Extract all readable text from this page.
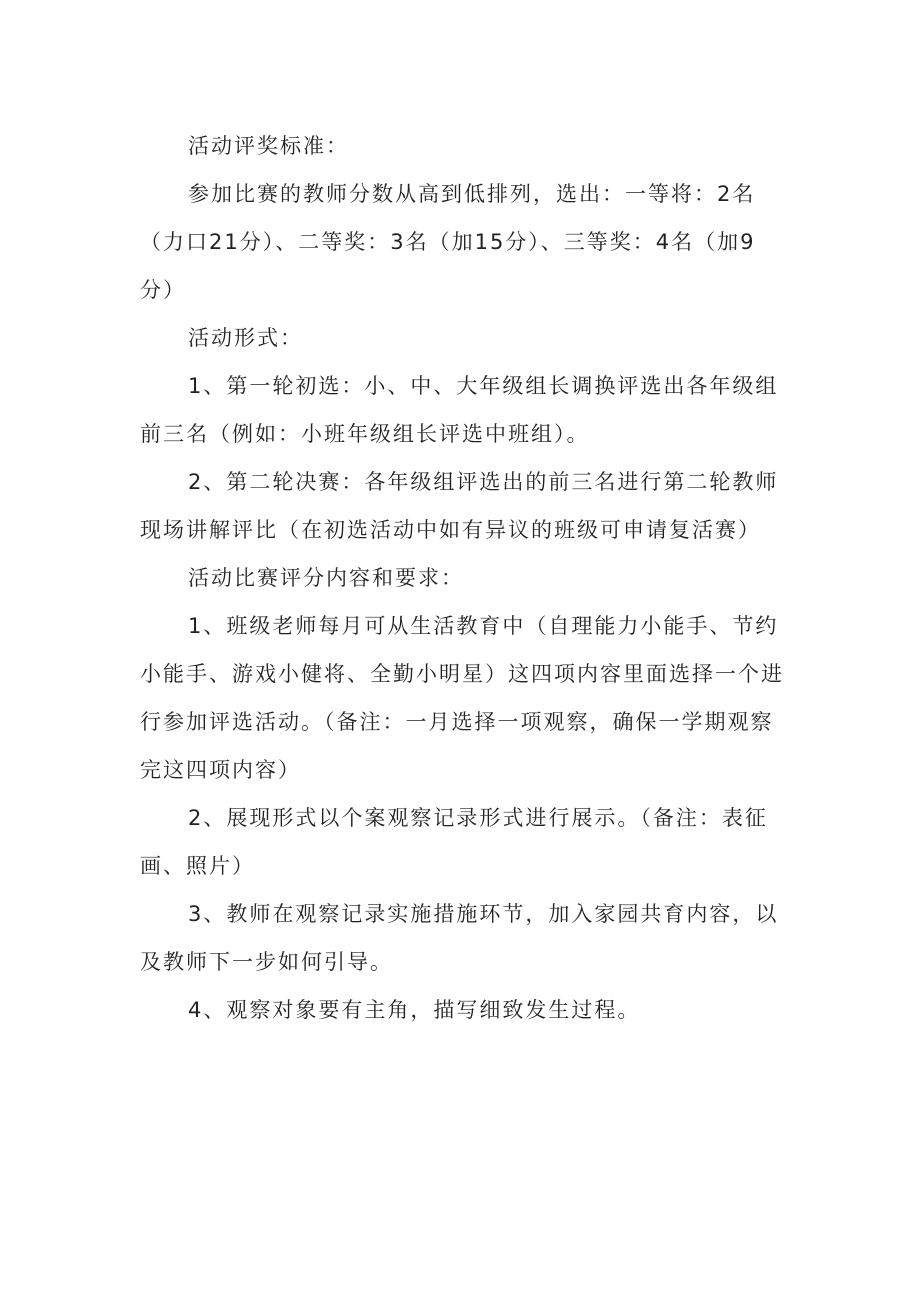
活动评奖标准：

参加比赛的教师分数从高到低排列，选出：一等将：2名（力口21分）、二等奖：3名（加15分）、三等奖：4名（加9分）

活动形式：

1、第一轮初选：小、中、大年级组长调换评选出各年级组前三名（例如：小班年级组长评选中班组）。

2、第二轮决赛：各年级组评选出的前三名进行第二轮教师现场讲解评比（在初选活动中如有异议的班级可申请复活赛）

活动比赛评分内容和要求：

1、班级老师每月可从生活教育中（自理能力小能手、节约小能手、游戏小健将、全勤小明星）这四项内容里面选择一个进行参加评选活动。（备注：一月选择一项观察，确保一学期观察完这四项内容）

2、展现形式以个案观察记录形式进行展示。（备注：表征画、照片）

3、教师在观察记录实施措施环节，加入家园共育内容，以及教师下一步如何引导。

4、观察对象要有主角，描写细致发生过程。
